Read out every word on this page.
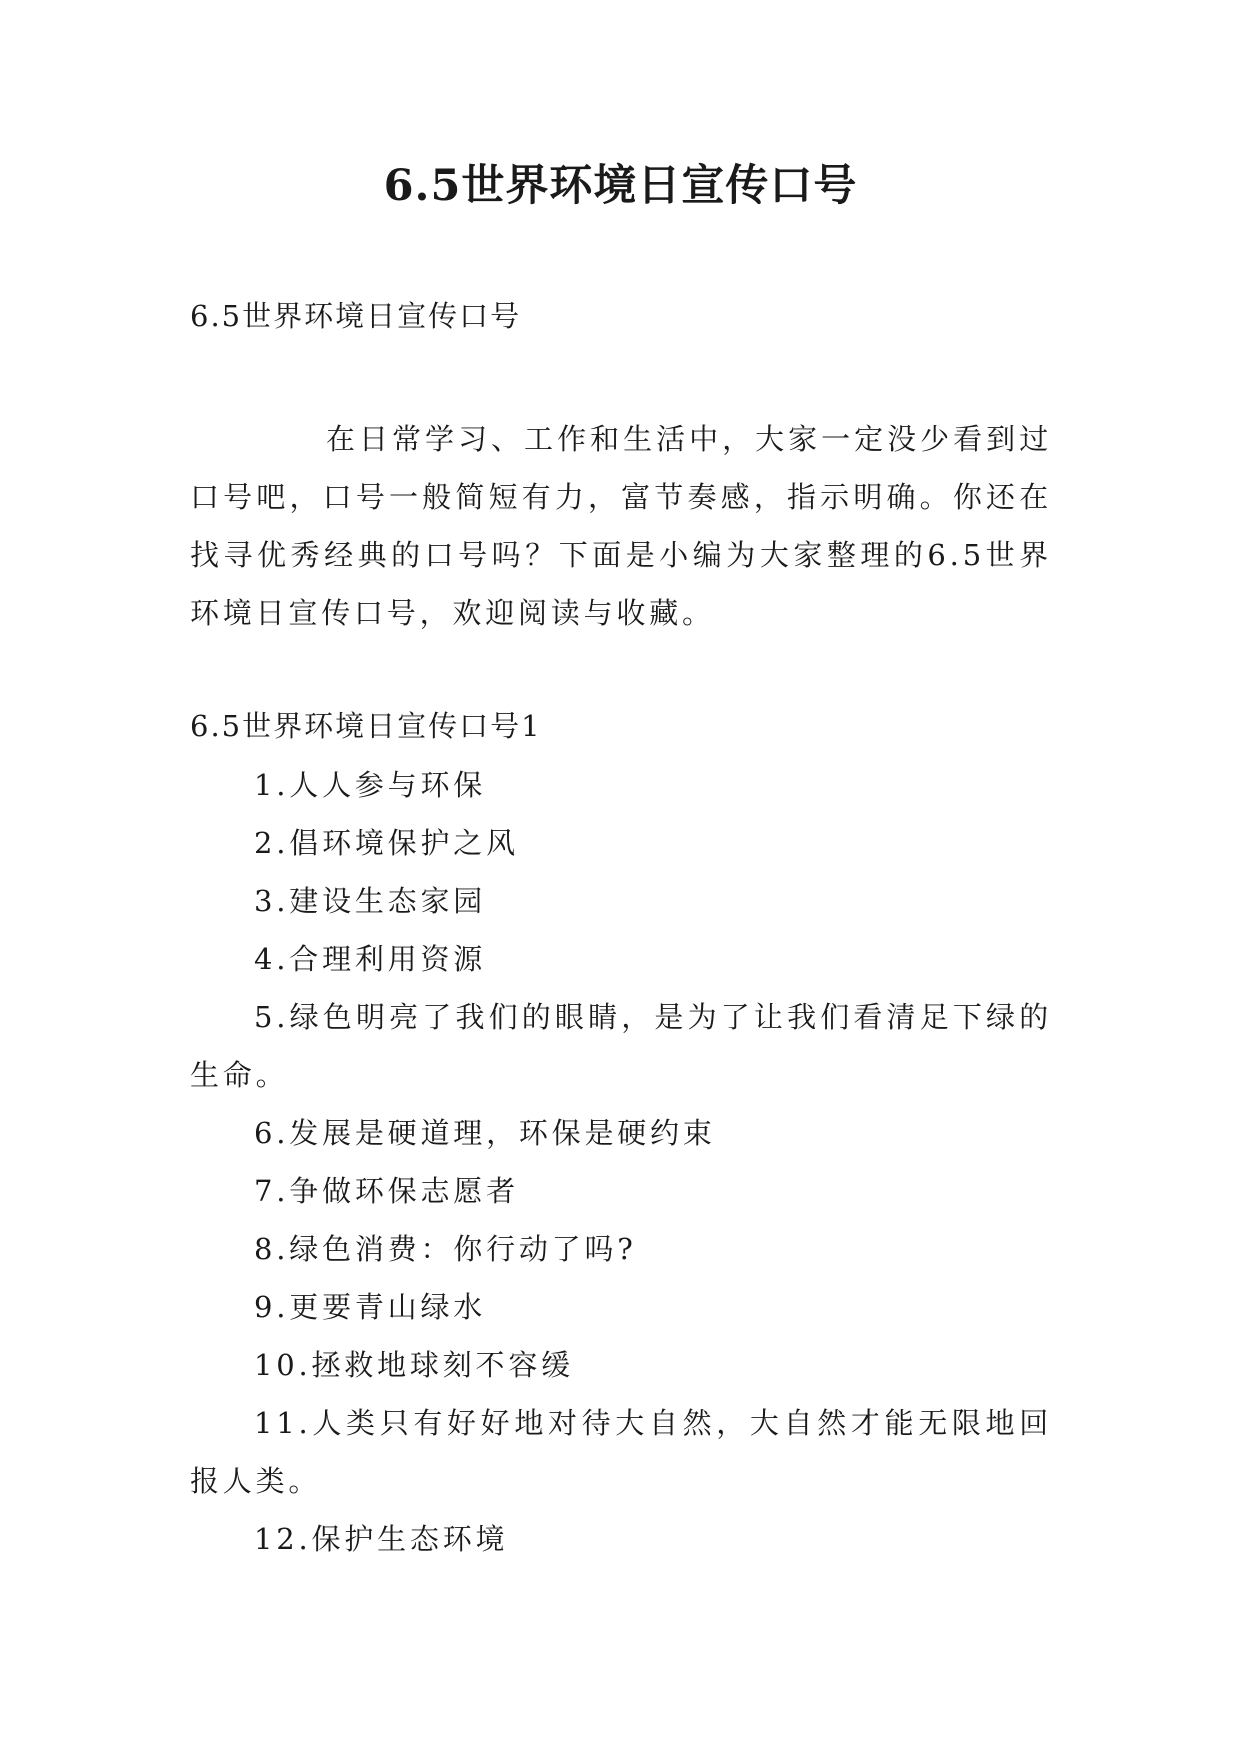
6.5世界环境日宣传口号
6.5世界环境日宣传口号

在日常学习、工作和生活中，大家一定没少看到过口号吧，口号一般简短有力，富节奏感，指示明确。你还在找寻优秀经典的口号吗？下面是小编为大家整理的6.5世界环境日宣传口号，欢迎阅读与收藏。

6.5世界环境日宣传口号1
1.人人参与环保
2.倡环境保护之风
3.建设生态家园
4.合理利用资源
5.绿色明亮了我们的眼睛，是为了让我们看清足下绿的生命。
6.发展是硬道理，环保是硬约束
7.争做环保志愿者
8.绿色消费：你行动了吗?
9.更要青山绿水
10.拯救地球刻不容缓
11.人类只有好好地对待大自然，大自然才能无限地回报人类。
12.保护生态环境
